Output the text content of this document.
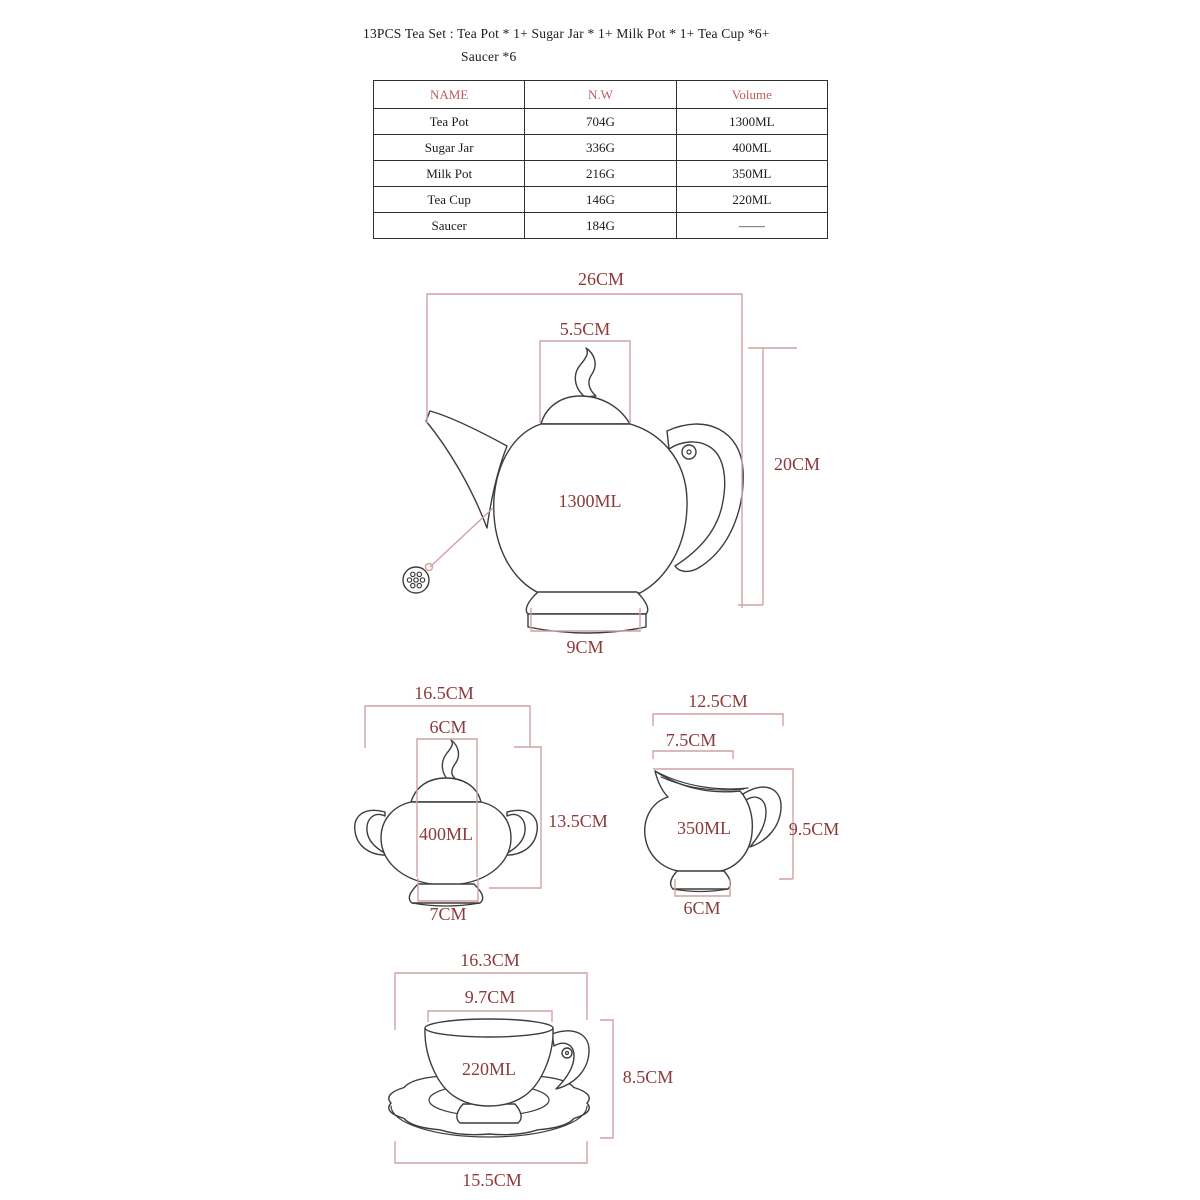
13PCS Tea Set : Tea Pot * 1+ Sugar Jar * 1+ Milk Pot * 1+ Tea Cup *6+
Saucer *6
NAME	N.W	Volume
Tea Pot	704G	1300ML
Sugar Jar	336G	400ML
Milk Pot	216G	350ML
Tea Cup	146G	220ML
Saucer	184G	——
26CM
5.5CM
20CM
9CM
1300ML
16.5CM
6CM
13.5CM
7CM
400ML
12.5CM
7.5CM
9.5CM
6CM
350ML
16.3CM
9.7CM
8.5CM
15.5CM
220ML
